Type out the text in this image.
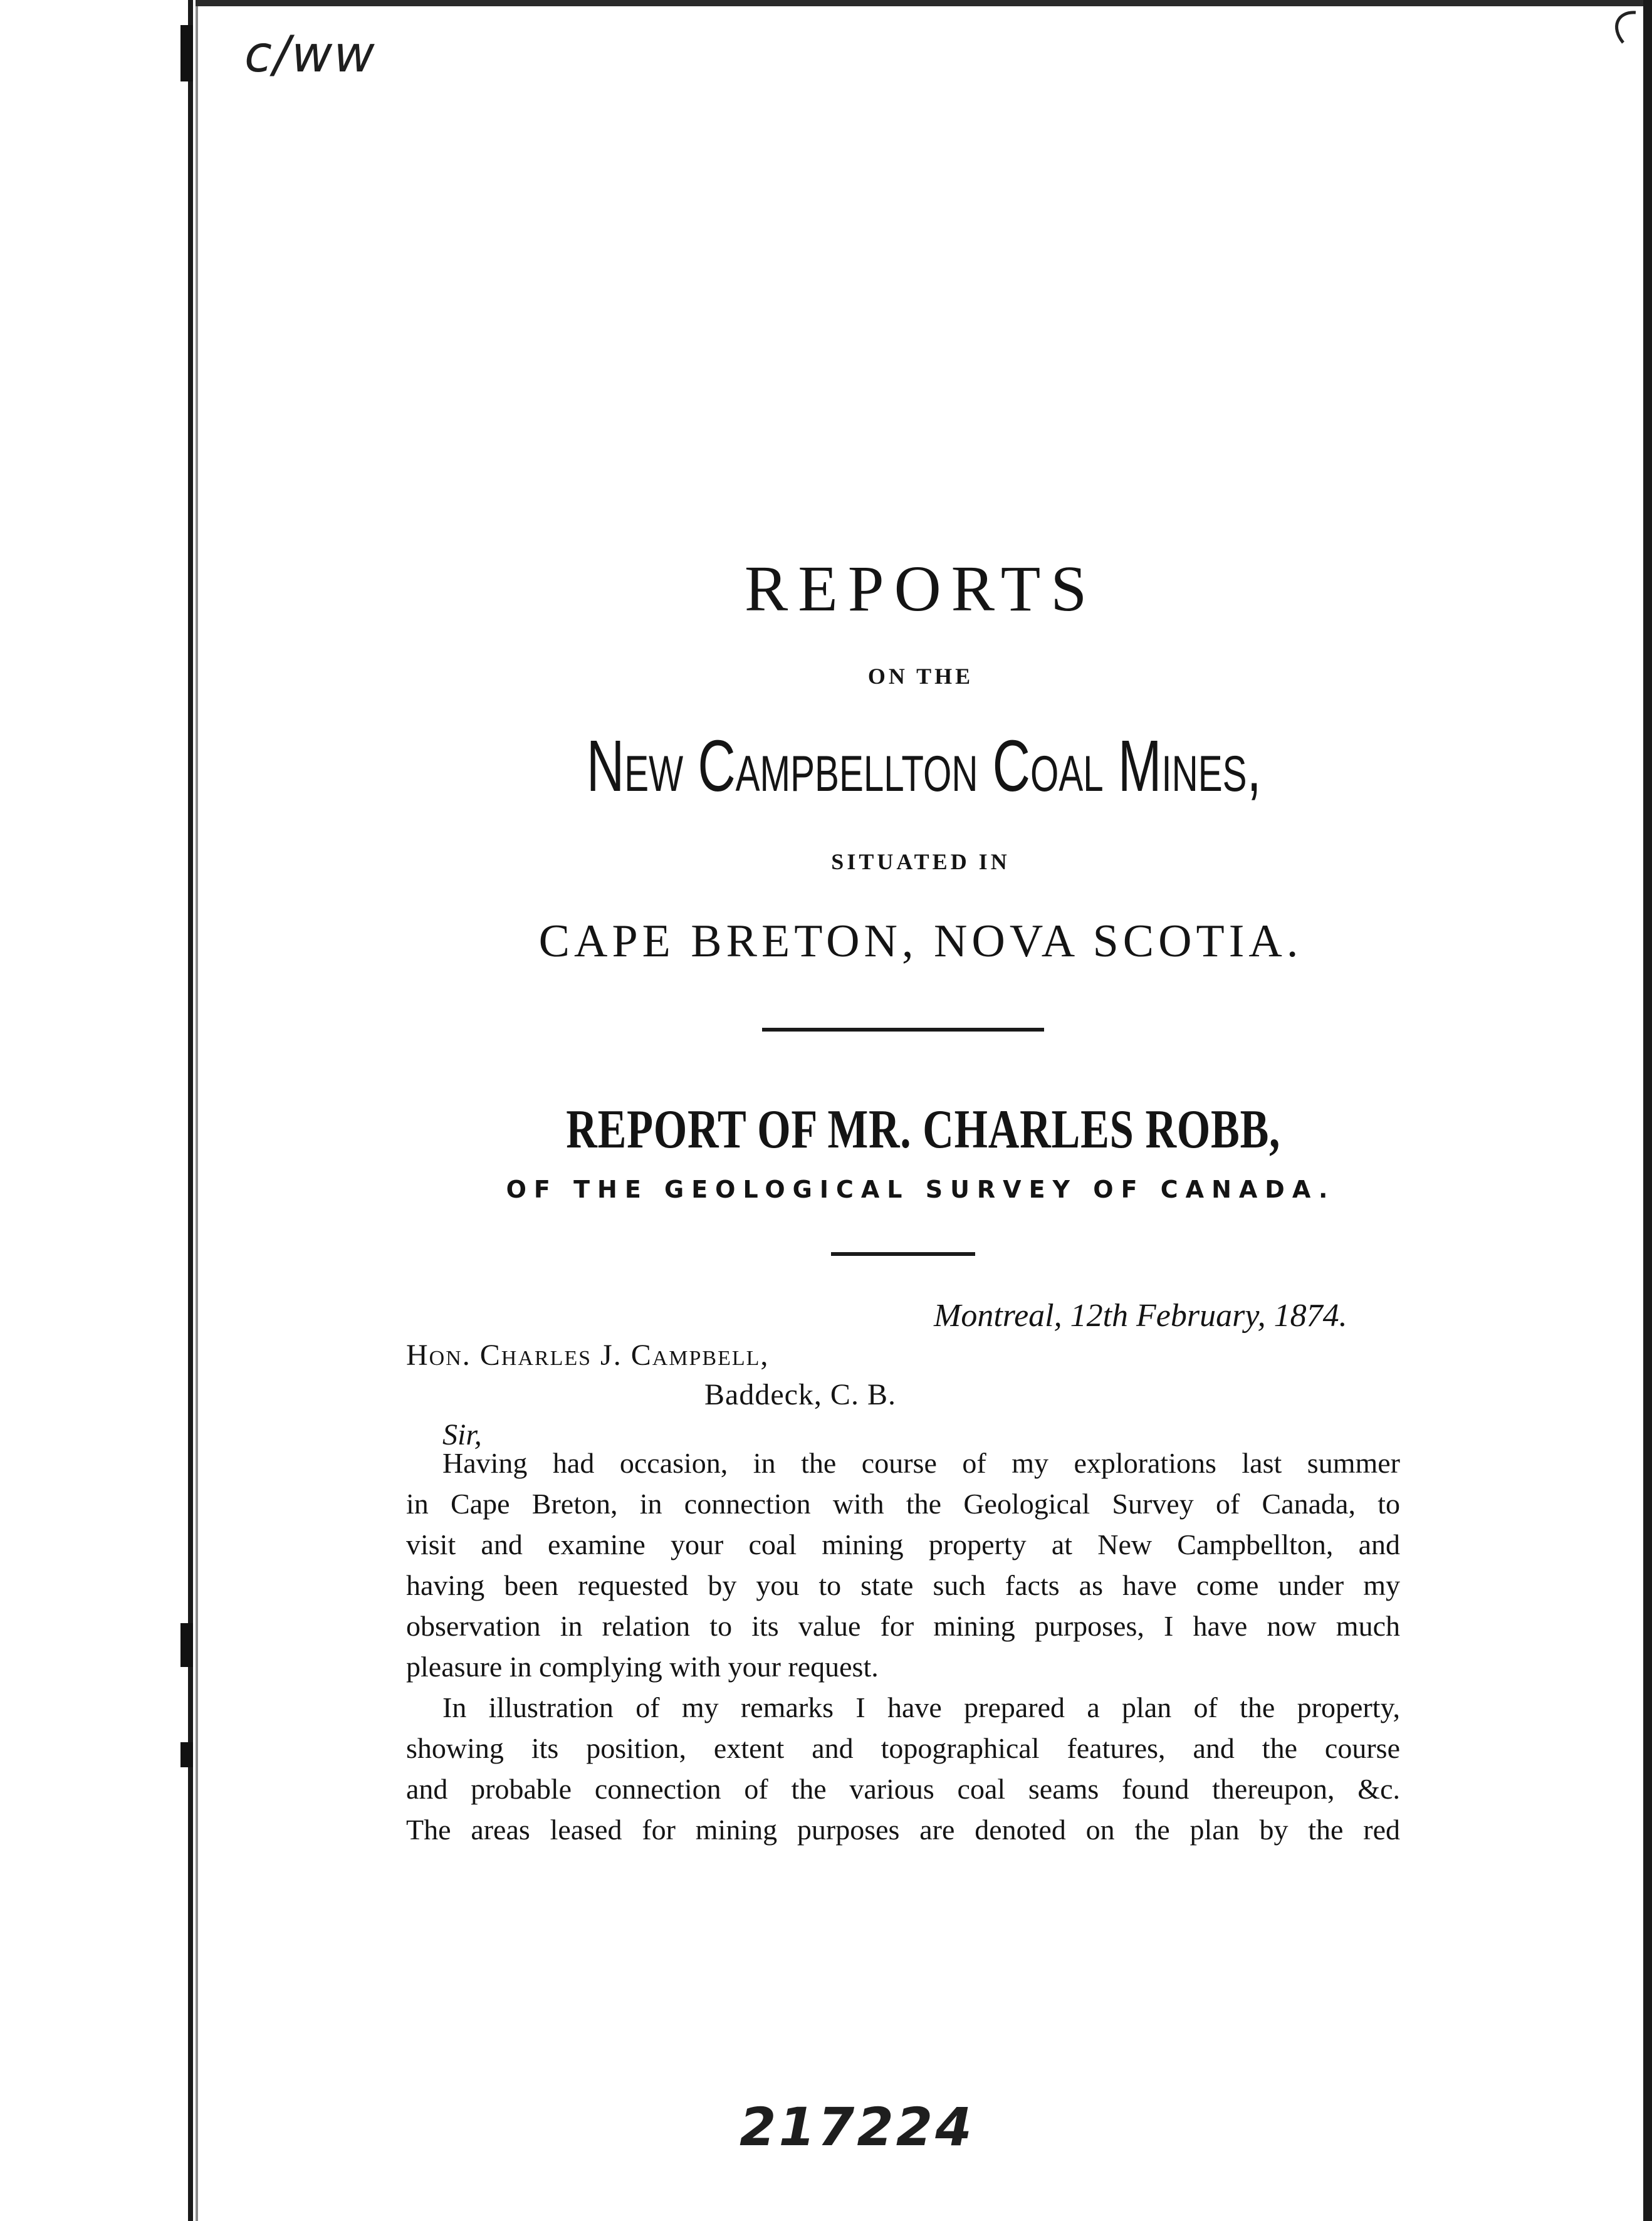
c/ww
REPORTS
ON THE
New Campbellton Coal Mines,
SITUATED IN
CAPE BRETON, NOVA SCOTIA.
REPORT OF MR. CHARLES ROBB,
OF THE GEOLOGICAL SURVEY OF CANADA.
Montreal, 12th February, 1874.
Hon. Charles J. Campbell,
Baddeck, C. B.
Sir,
Having had occasion, in the course of my explorations last summer
in Cape Breton, in connection with the Geological Survey of Canada, to
visit and examine your coal mining property at New Campbellton, and
having been requested by you to state such facts as have come under my
observation in relation to its value for mining purposes, I have now much
pleasure in complying with your request.
In illustration of my remarks I have prepared a plan of the property,
showing its position, extent and topographical features, and the course
and probable connection of the various coal seams found thereupon, &c.
The areas leased for mining purposes are denoted on the plan by the red
217224
